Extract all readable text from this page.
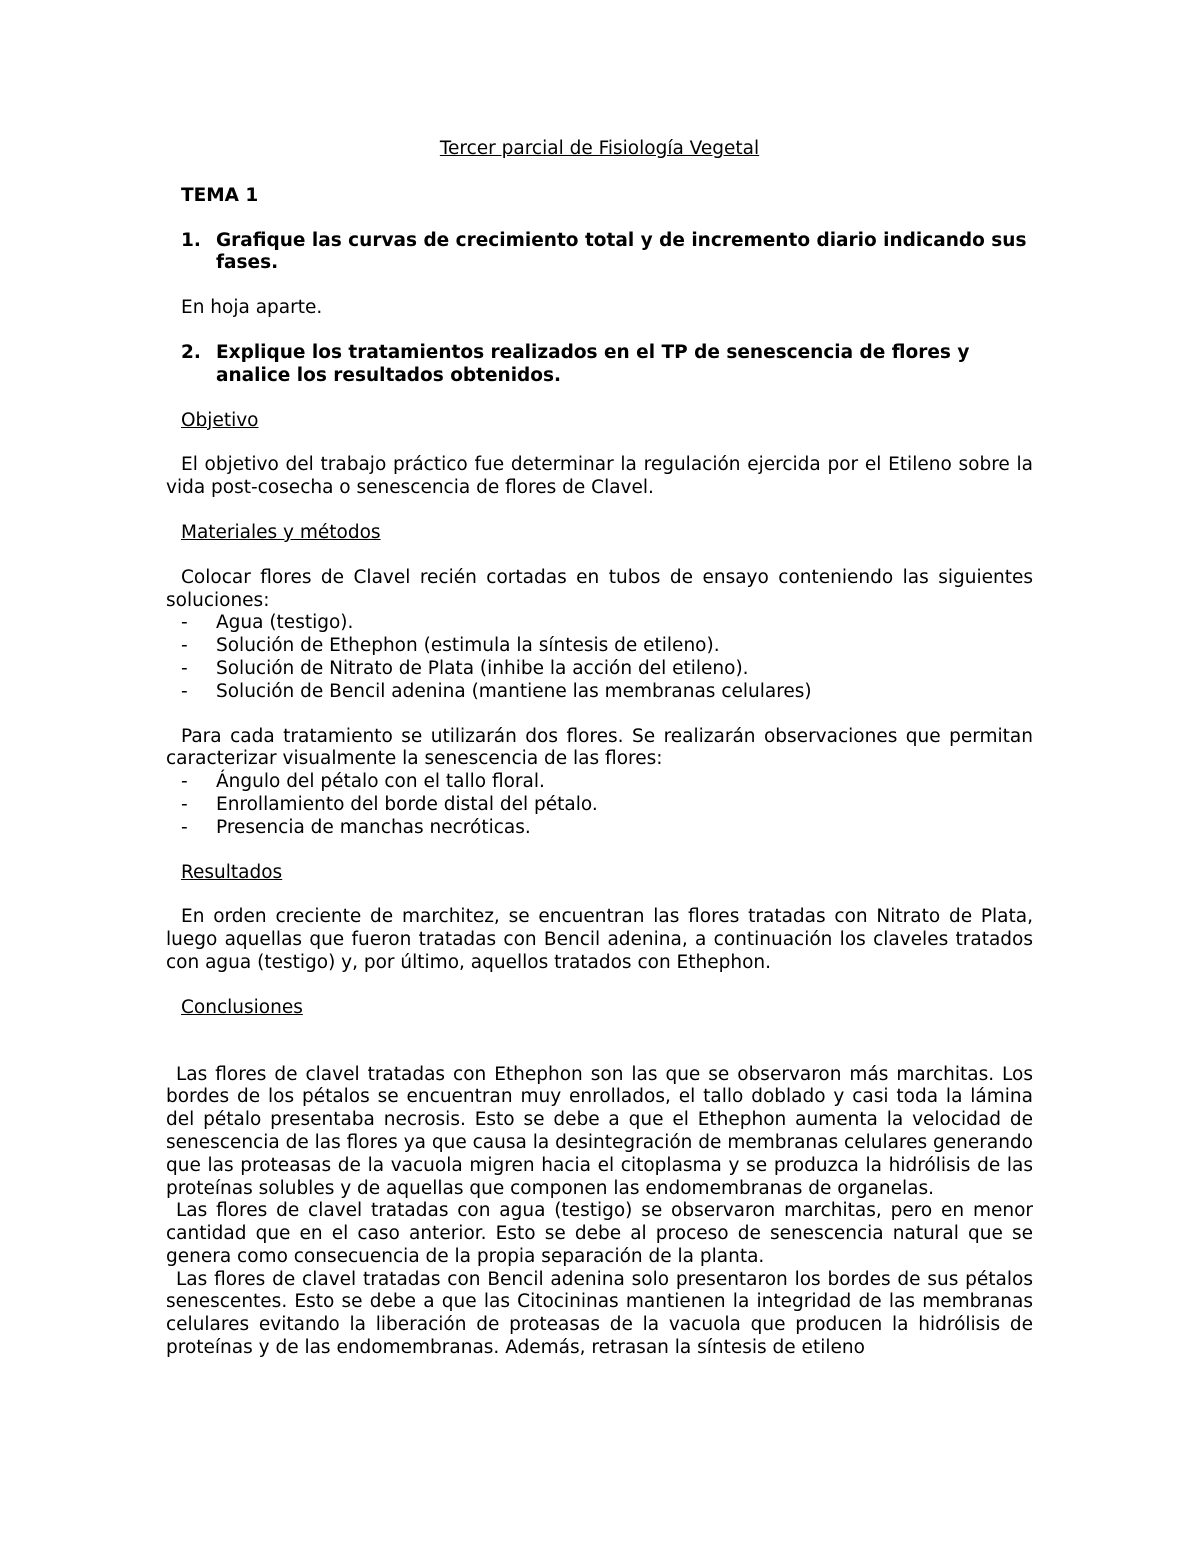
Tercer parcial de Fisiología Vegetal
TEMA 1
1. Grafique las curvas de crecimiento total y de incremento diario indicando sus fases.
En hoja aparte.
2. Explique los tratamientos realizados en el TP de senescencia de flores y analice los resultados obtenidos.
Objetivo

El objetivo del trabajo práctico fue determinar la regulación ejercida por el Etileno sobre la vida post-cosecha o senescencia de flores de Clavel.

Materiales y métodos

Colocar flores de Clavel recién cortadas en tubos de ensayo conteniendo las siguientes soluciones:

-	Agua (testigo).
-	Solución de Ethephon (estimula la síntesis de etileno).
-	Solución de Nitrato de Plata (inhibe la acción del etileno).
-	Solución de Bencil adenina (mantiene las membranas celulares)

Para cada tratamiento se utilizarán dos flores. Se realizarán observaciones que permitan caracterizar visualmente la senescencia de las flores:

-	Ángulo del pétalo con el tallo floral.
-	Enrollamiento del borde distal del pétalo.
-	Presencia de manchas necróticas.
Resultados

En orden creciente de marchitez, se encuentran las flores tratadas con Nitrato de Plata, luego aquellas que fueron tratadas con Bencil adenina, a continuación los claveles tratados con agua (testigo) y, por último, aquellos tratados con Ethephon.

Conclusiones

Las flores de clavel tratadas con Ethephon son las que se observaron más marchitas. Los bordes de los pétalos se encuentran muy enrollados, el tallo doblado y casi toda la lámina del pétalo presentaba necrosis. Esto se debe a que el Ethephon aumenta la velocidad de senescencia de las flores ya que causa la desintegración de membranas celulares generando que las proteasas de la vacuola migren hacia el citoplasma y se produzca la hidrólisis de las proteínas solubles y de aquellas que componen las endomembranas de organelas.

Las flores de clavel tratadas con agua (testigo) se observaron marchitas, pero en menor cantidad que en el caso anterior. Esto se debe al proceso de senescencia natural que se genera como consecuencia de la propia separación de la planta.

Las flores de clavel tratadas con Bencil adenina solo presentaron los bordes de sus pétalos senescentes. Esto se debe a que las Citocininas mantienen la integridad de las membranas celulares evitando la liberación de proteasas de la vacuola que producen la hidrólisis de proteínas y de las endomembranas. Además, retrasan la síntesis de etileno
